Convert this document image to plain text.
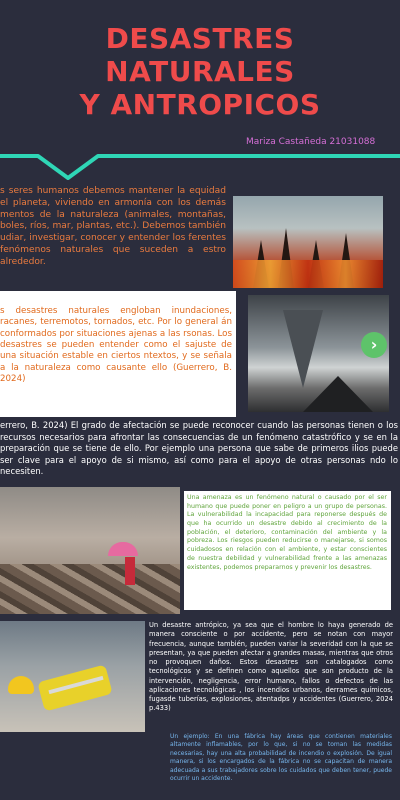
DESASTRES
NATURALES
Y ANTROPICOS
Mariza Castañeda 21031088
s seres humanos debemos mantener la equidad el planeta, viviendo en armonía con los demás mentos de la naturaleza (animales, montañas, boles, ríos, mar, plantas, etc.). Debemos también udiar, investigar, conocer y entender los ferentes fenómenos naturales que suceden a estro alrededor.
s desastres naturales engloban inundaciones, racanes, terremotos, tornados, etc. Por lo general án conformados por situaciones ajenas a las rsonas. Los desastres se pueden entender como el sajuste de una situación estable en ciertos ntextos, y se señala a la naturaleza como causante ello (Guerrero, B. 2024)
›
errero, B. 2024) El grado de afectación se puede reconocer cuando las personas tienen o los recursos necesarios para afrontar las consecuencias de un fenómeno catastrófico y se en la preparación que se tiene de ello. Por ejemplo una persona que sabe de primeros ilios puede ser clave para el apoyo de si mismo, así como para el apoyo de otras personas ndo lo necesiten.
Una amenaza es un fenómeno natural o causado por el ser humano que puede poner en peligro a un grupo de personas. La vulnerabilidad la incapacidad para reponerse después de que ha ocurrido un desastre debido al crecimiento de la población, el deterioro, contaminación del ambiente y la pobreza. Los riesgos pueden reducirse o manejarse, si somos cuidadosos en relación con el ambiente, y estar conscientes de nuestra debilidad y vulnerabilidad frente a las amenazas existentes, podemos prepararnos y prevenir los desastres.
Un desastre antrópico, ya sea que el hombre lo haya generado de manera consciente o por accidente, pero se notan con mayor frecuencia, aunque también, pueden variar la severidad con la que se presentan, ya que pueden afectar a grandes masas, mientras que otros no provoquen daños. Estos desastres son catalogados como tecnológicos y se definen como aquellos que son producto de la intervención, negligencia, error humano, fallos o defectos de las aplicaciones tecnológicas , los incendios urbanos, derrames químicos, fugasde tuberías, explosiones, atentadps y accidentes (Guerrero, 2024 p.433)
Un ejemplo: En una fábrica hay áreas que contienen materiales altamente inflamables, por lo que, si no se toman las medidas necesarias, hay una alta probabilidad de incendio o explosión. De igual manera, si los encargados de la fábrica no se capacitan de manera adecuada a sus trabajadores sobre los cuidados que deben tener, puede ocurrir un accidente.
